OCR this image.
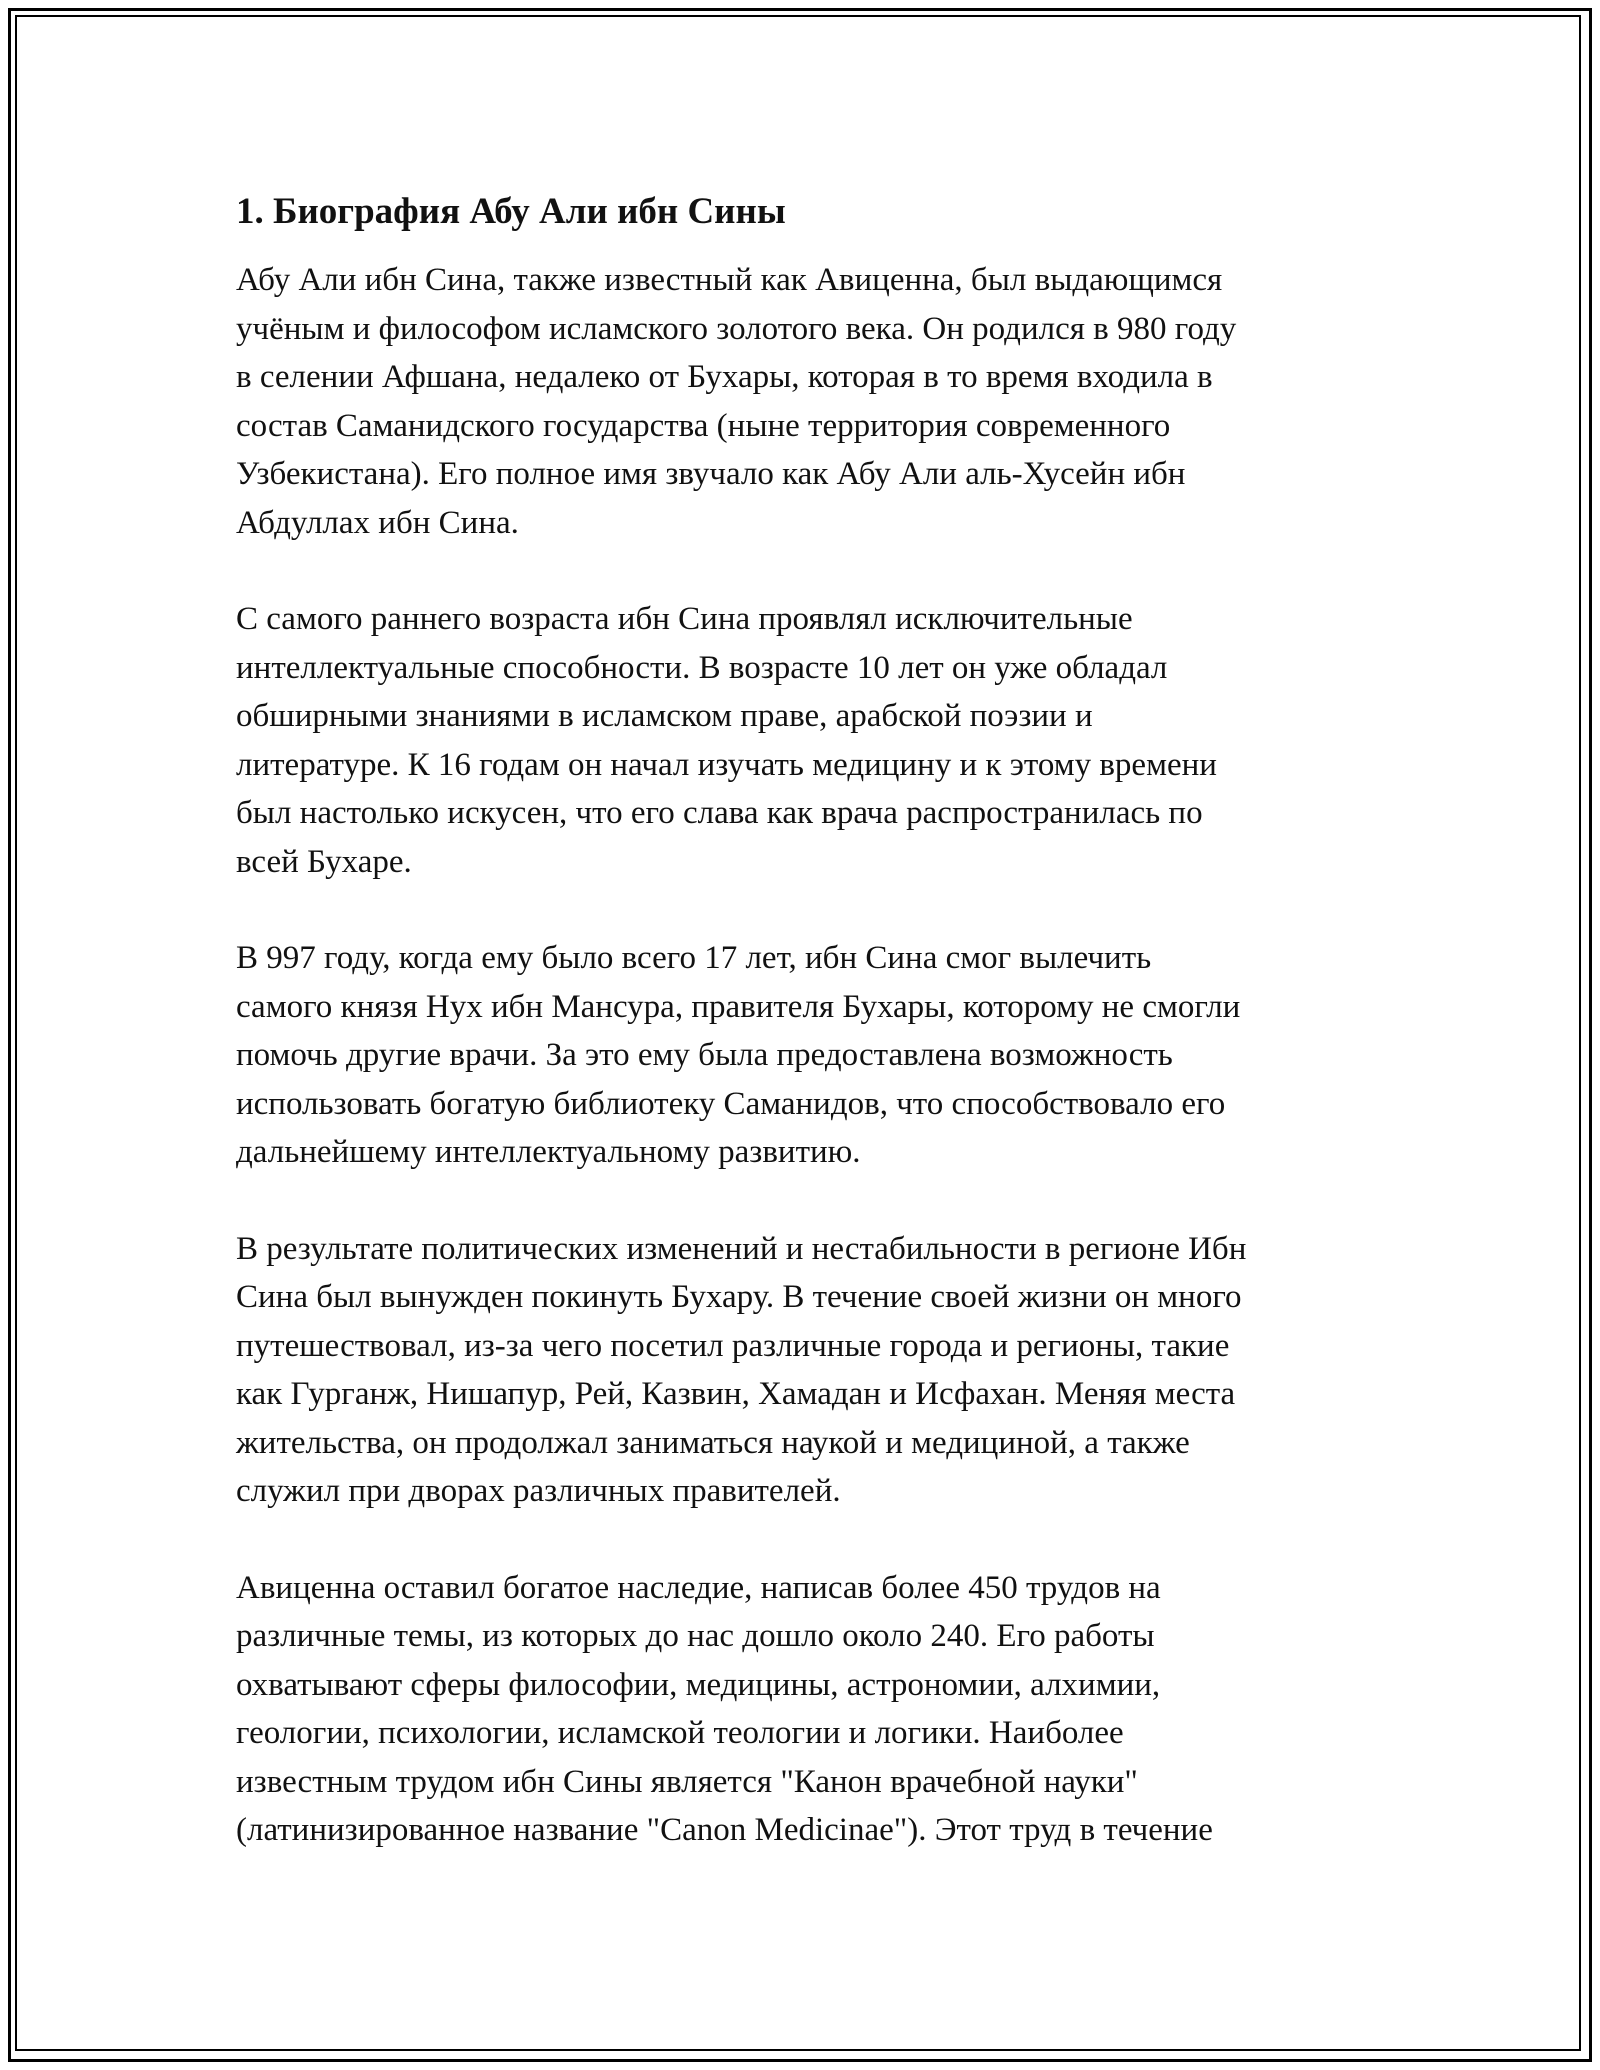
1. Биография Абу Али ибн Сины

Абу Али ибн Сина, также известный как Авиценна, был выдающимся
учёным и философом исламского золотого века. Он родился в 980 году
в селении Афшана, недалеко от Бухары, которая в то время входила в
состав Саманидского государства (ныне территория современного
Узбекистана). Его полное имя звучало как Абу Али аль-Хусейн ибн
Абдуллах ибн Сина.

С самого раннего возраста ибн Сина проявлял исключительные
интеллектуальные способности. В возрасте 10 лет он уже обладал
обширными знаниями в исламском праве, арабской поэзии и
литературе. К 16 годам он начал изучать медицину и к этому времени
был настолько искусен, что его слава как врача распространилась по
всей Бухаре.

В 997 году, когда ему было всего 17 лет, ибн Сина смог вылечить
самого князя Нух ибн Мансура, правителя Бухары, которому не смогли
помочь другие врачи. За это ему была предоставлена возможность
использовать богатую библиотеку Саманидов, что способствовало его
дальнейшему интеллектуальному развитию.

В результате политических изменений и нестабильности в регионе Ибн
Сина был вынужден покинуть Бухару. В течение своей жизни он много
путешествовал, из-за чего посетил различные города и регионы, такие
как Гурганж, Нишапур, Рей, Казвин, Хамадан и Исфахан. Меняя места
жительства, он продолжал заниматься наукой и медициной, а также
служил при дворах различных правителей.

Авиценна оставил богатое наследие, написав более 450 трудов на
различные темы, из которых до нас дошло около 240. Его работы
охватывают сферы философии, медицины, астрономии, алхимии,
геологии, психологии, исламской теологии и логики. Наиболее
известным трудом ибн Сины является "Канон врачебной науки"
(латинизированное название "Canon Medicinae"). Этот труд в течение
